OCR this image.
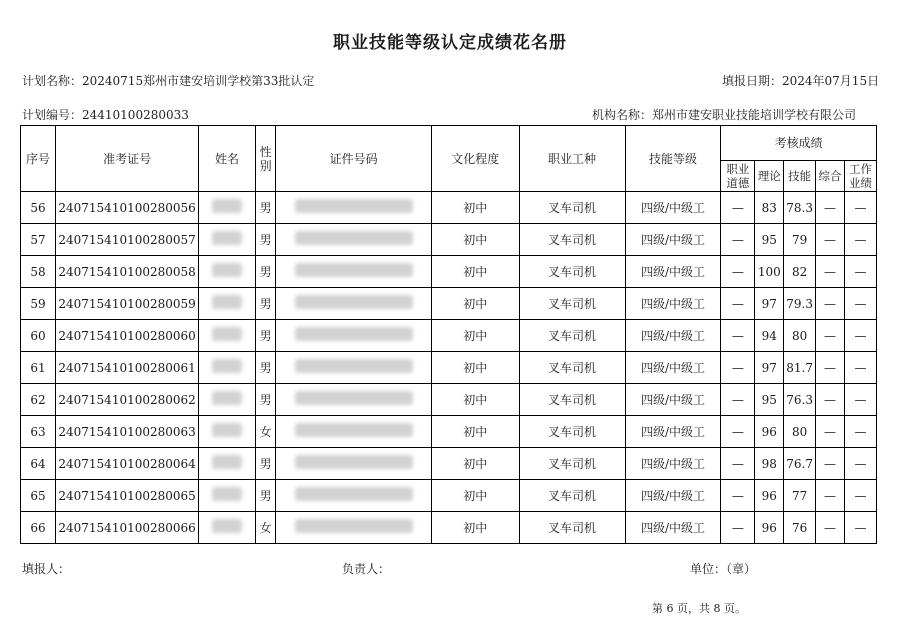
职业技能等级认定成绩花名册
计划名称：20240715郑州市建安培训学校第33批认定	填报日期：2024年07月15日
计划编号：24410100280033	机构名称：郑州市建安职业技能培训学校有限公司
序号	准考证号	姓名	性别	证件号码	文化程度	职业工种	技能等级	考核成绩				
								职业道德	理论	技能	综合	工作业绩
56	240715410100280056		男		初中	叉车司机	四级/中级工	—	83	78.3	—	—
57	240715410100280057		男		初中	叉车司机	四级/中级工	—	95	79	—	—
58	240715410100280058		男		初中	叉车司机	四级/中级工	—	100	82	—	—
59	240715410100280059		男		初中	叉车司机	四级/中级工	—	97	79.3	—	—
60	240715410100280060		男		初中	叉车司机	四级/中级工	—	94	80	—	—
61	240715410100280061		男		初中	叉车司机	四级/中级工	—	97	81.7	—	—
62	240715410100280062		男		初中	叉车司机	四级/中级工	—	95	76.3	—	—
63	240715410100280063		女		初中	叉车司机	四级/中级工	—	96	80	—	—
64	240715410100280064		男		初中	叉车司机	四级/中级工	—	98	76.7	—	—
65	240715410100280065		男		初中	叉车司机	四级/中级工	—	96	77	—	—
66	240715410100280066		女		初中	叉车司机	四级/中级工	—	96	76	—	—
填报人：	负责人：	单位：（章）
第 6 页，共 8 页。
